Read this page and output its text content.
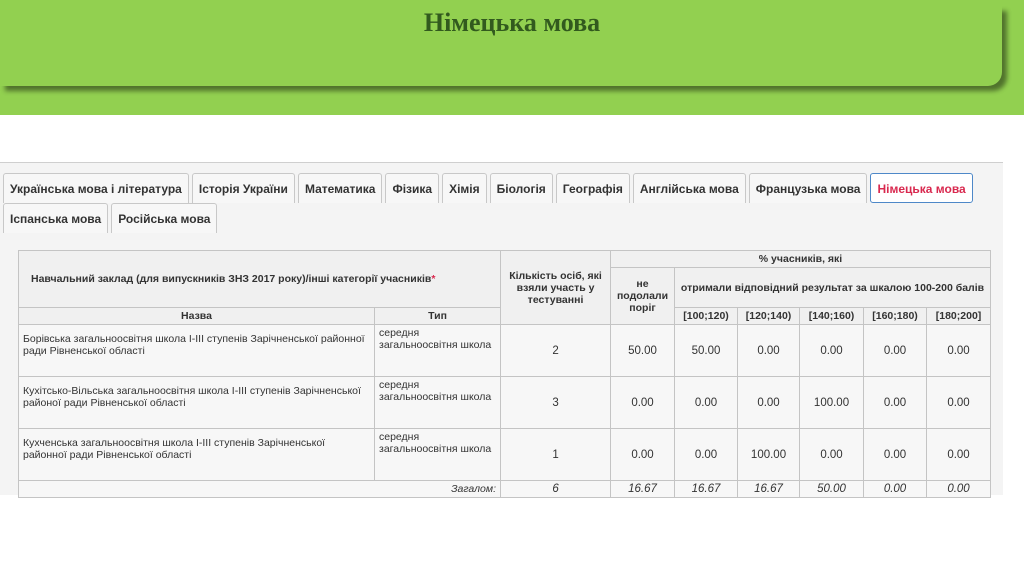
Німецька мова
Українська мова і література	Історія України	Математика	Фізика	Хімія	Біологія	Географія	Англійська мова	Французька мова	Німецька мова
Іспанська мова	Російська мова
Навчальний заклад (для випускників ЗНЗ 2017 року)/інші категорії учасників*		Кількість осіб, які взяли участь у тестуванні	% учасників, які					
			не подолали поріг	отримали відповідний результат за шкалою 100-200 балів				
Назва	Тип			[100;120)	[120;140)	[140;160)	[160;180)	[180;200]
Борівська загальноосвітня школа І-ІІІ ступенів Зарічненської районної ради Рівненської області	середня загальноосвітня школа	2	50.00	50.00	0.00	0.00	0.00	0.00
Кухітсько-Вільська загальноосвітня школа І-ІІІ ступенів Зарічненської районої ради Рівненської області	середня загальноосвітня школа	3	0.00	0.00	0.00	100.00	0.00	0.00
Кухченська загальноосвітня школа І-ІІІ ступенів Зарічненської районної ради Рівненської області	середня загальноосвітня школа	1	0.00	0.00	100.00	0.00	0.00	0.00
Загалом:		6	16.67	16.67	16.67	50.00	0.00	0.00
